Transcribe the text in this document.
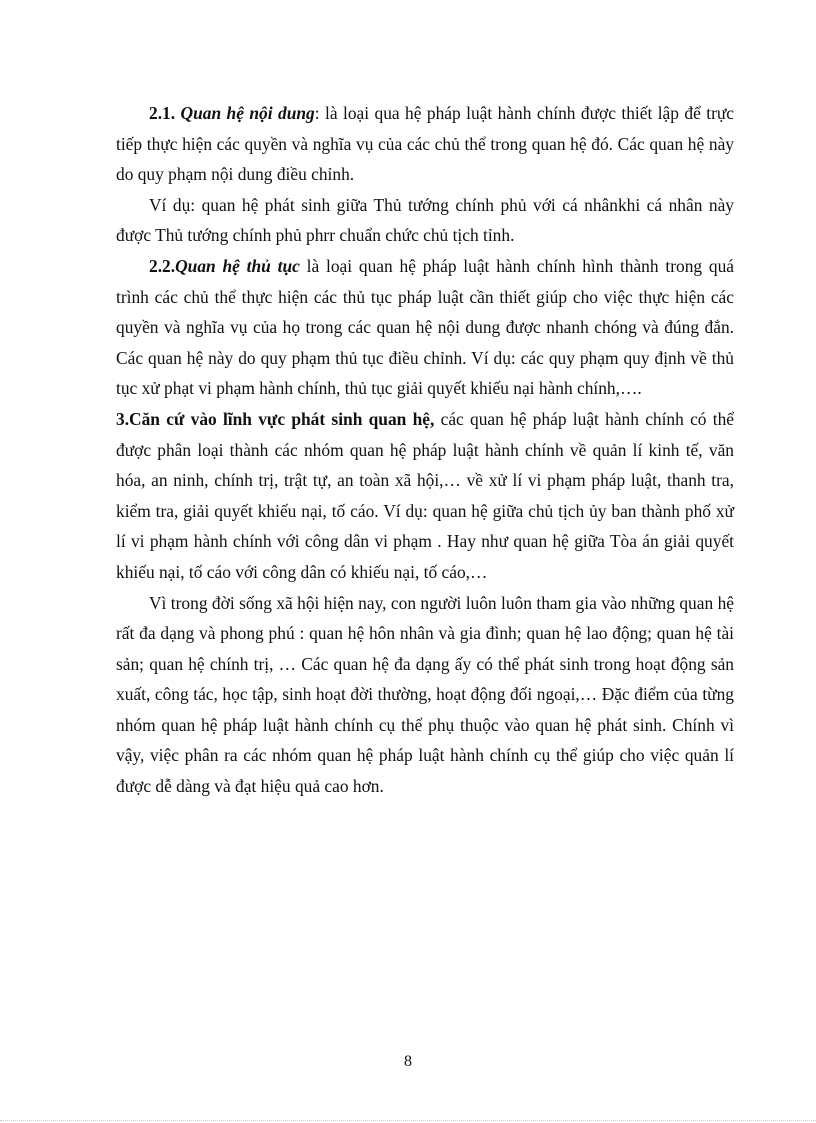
2.1. Quan hệ nội dung: là loại qua hệ pháp luật hành chính được thiết lập để trực tiếp thực hiện các quyền và nghĩa vụ của các chủ thể trong quan hệ đó. Các quan hệ này do quy phạm nội dung điều chỉnh.

Ví dụ: quan hệ phát sinh giữa Thủ tướng chính phủ với cá nhânkhi cá nhân này được Thủ tướng chính phủ phrr chuẩn chức chủ tịch tỉnh.

2.2.Quan hệ thủ tục là loại quan hệ pháp luật hành chính hình thành trong quá trình các chủ thể thực hiện các thủ tục pháp luật cần thiết giúp cho việc thực hiện các quyền và nghĩa vụ của họ trong các quan hệ nội dung được nhanh chóng và đúng đắn. Các quan hệ này do quy phạm thủ tục điều chỉnh. Ví dụ: các quy phạm quy định về thủ tục xử phạt vi phạm hành chính, thủ tục giải quyết khiếu nại hành chính,….

3.Căn cứ vào lĩnh vực phát sinh quan hệ, các quan hệ pháp luật hành chính có thể được phân loại thành các nhóm quan hệ pháp luật hành chính về quản lí kinh tế, văn hóa, an ninh, chính trị, trật tự, an toàn xã hội,… về xử lí vi phạm pháp luật, thanh tra, kiểm tra, giải quyết khiếu nại, tố cáo. Ví dụ: quan hệ giữa chủ tịch ủy ban thành phố xử lí vi phạm hành chính với công dân vi phạm . Hay như quan hệ giữa Tòa án giải quyết khiếu nại, tố cáo với công dân có khiếu nại, tố cáo,…

Vì trong đời sống xã hội hiện nay, con người luôn luôn tham gia vào những quan hệ rất đa dạng và phong phú : quan hệ hôn nhân và gia đình; quan hệ lao động; quan hệ tài sản; quan hệ chính trị, … Các quan hệ đa dạng ấy có thể phát sinh trong hoạt động sản xuất, công tác, học tập, sinh hoạt đời thường, hoạt động đối ngoại,… Đặc điểm của từng nhóm quan hệ pháp luật hành chính cụ thể phụ thuộc vào quan hệ phát sinh. Chính vì vậy, việc phân ra các nhóm quan hệ pháp luật hành chính cụ thể giúp cho việc quản lí được dễ dàng và đạt hiệu quả cao hơn.

8
